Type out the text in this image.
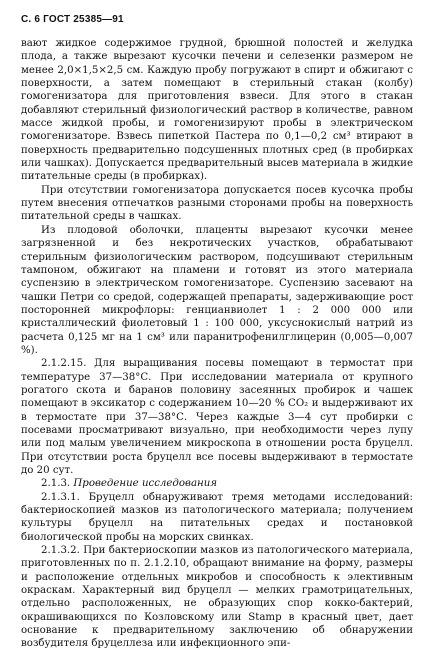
С. 6 ГОСТ 25385—91

вают жидкое содержимое грудной, брюшной полостей и желудка плода, а также вырезают кусочки печени и селезенки размером не менее 2,0×1,5×2,5 см. Каждую пробу погружают в спирт и обжигают с поверхности, а затем помещают в стерильный стакан (колбу) гомогенизатора для приготовления взвеси. Для этого в стакан добавляют стерильный физиологический раствор в количестве, равном массе жидкой пробы, и гомогенизируют пробы в электрическом гомогенизаторе. Взвесь пипеткой Пастера по 0,1—0,2 см³ втирают в поверхность предварительно подсушенных плотных сред (в пробирках или чашках). Допускается предварительный высев материала в жидкие питательные среды (в пробирках).

При отсутствии гомогенизатора допускается посев кусочка пробы путем внесения отпечатков разными сторонами пробы на поверхность питательной среды в чашках.

Из плодовой оболочки, плаценты вырезают кусочки менее загрязненной и без некротических участков, обрабатывают стерильным физиологическим раствором, подсушивают стерильным тампоном, обжигают на пламени и готовят из этого материала суспензию в электрическом гомогенизаторе. Суспензию засевают на чашки Петри со средой, содержащей препараты, задерживающие рост посторонней микрофлоры: генцианвиолет 1 : 2 000 000 или кристаллический фиолетовый 1 : 100 000, уксуснокислый натрий из расчета 0,125 мг на 1 см³ или паранитрофенилглицерин (0,005—0,007 %).

2.1.2.15. Для выращивания посевы помещают в термостат при температуре 37—38°С. При исследовании материала от крупного рогатого скота и баранов половину засеянных пробирок и чашек помещают в эксикатор с содержанием 10—20 % СО₂ и выдерживают их в термостате при 37—38°С. Через каждые 3—4 сут пробирки с посевами просматривают визуально, при необходимости через лупу или под малым увеличением микроскопа в отношении роста бруцелл. При отсутствии роста бруцелл все посевы выдерживают в термостате до 20 сут.

2.1.3. Проведение исследования

2.1.3.1. Бруцелл обнаруживают тремя методами исследований: бактериоскопией мазков из патологического материала; получением культуры бруцелл на питательных средах и постановкой биологической пробы на морских свинках.

2.1.3.2. При бактериоскопии мазков из патологического материала, приготовленных по п. 2.1.2.10, обращают внимание на форму, размеры и расположение отдельных микробов и способность к элективным окраскам. Характерный вид бруцелл — мелких грамотрицательных, отдельно расположенных, не образующих спор кокко-бактерий, окрашивающихся по Козловскому или Stamp в красный цвет, дает основание к предварительному заключению об обнаружении возбудителя бруцеллеза или инфекционного эпи-
